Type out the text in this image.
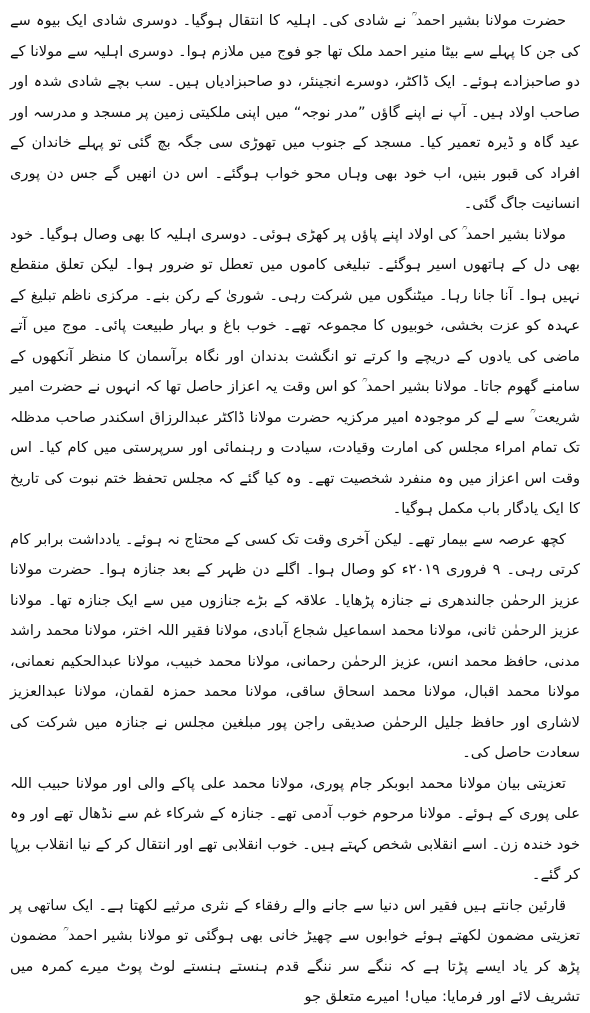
حضرت مولانا بشیر احمد ؒ نے شادی کی۔ اہلیہ کا انتقال ہوگیا۔ دوسری شادی ایک بیوہ سے کی جن کا پہلے سے بیٹا منیر احمد ملک تھا جو فوج میں ملازم ہوا۔ دوسری اہلیہ سے مولانا کے دو صاحبزادے ہوئے۔ ایک ڈاکٹر، دوسرے انجینئر، دو صاحبزادیاں ہیں۔ سب بچے شادی شدہ اور صاحب اولاد ہیں۔ آپ نے اپنے گاؤں ”مدر نوجہ“ میں اپنی ملکیتی زمین پر مسجد و مدرسہ اور عید گاہ و ڈیرہ تعمیر کیا۔ مسجد کے جنوب میں تھوڑی سی جگہ بچ گئی تو پہلے خاندان کے افراد کی قبور بنیں، اب خود بھی وہاں محو خواب ہوگئے۔ اس دن انھیں گے جس دن پوری انسانیت جاگ گئی۔

مولانا بشیر احمد ؒ کی اولاد اپنے پاؤں پر کھڑی ہوئی۔ دوسری اہلیہ کا بھی وصال ہوگیا۔ خود بھی دل کے ہاتھوں اسیر ہوگئے۔ تبلیغی کاموں میں تعطل تو ضرور ہوا۔ لیکن تعلق منقطع نہیں ہوا۔ آنا جانا رہا۔ میٹنگوں میں شرکت رہی۔ شوریٰ کے رکن بنے۔ مرکزی ناظم تبلیغ کے عہدہ کو عزت بخشی، خوبیوں کا مجموعہ تھے۔ خوب باغ و بہار طبیعت پائی۔ موج میں آتے ماضی کی یادوں کے دریچے وا کرتے تو انگشت بدندان اور نگاہ برآسمان کا منظر آنکھوں کے سامنے گھوم جاتا۔ مولانا بشیر احمد ؒ کو اس وقت یہ اعزاز حاصل تھا کہ انہوں نے حضرت امیر شریعت ؒ سے لے کر موجودہ امیر مرکزیہ حضرت مولانا ڈاکٹر عبدالرزاق اسکندر صاحب مدظلہ تک تمام امراء مجلس کی امارت وقیادت، سیادت و رہنمائی اور سرپرستی میں کام کیا۔ اس وقت اس اعزاز میں وہ منفرد شخصیت تھے۔ وہ کیا گئے کہ مجلس تحفظ ختم نبوت کی تاریخ کا ایک یادگار باب مکمل ہوگیا۔

کچھ عرصہ سے بیمار تھے۔ لیکن آخری وقت تک کسی کے محتاج نہ ہوئے۔ یادداشت برابر کام کرتی رہی۔ ۹ فروری ۲۰۱۹ء کو وصال ہوا۔ اگلے دن ظہر کے بعد جنازہ ہوا۔ حضرت مولانا عزیز الرحمٰن جالندھری نے جنازہ پڑھایا۔ علاقہ کے بڑے جنازوں میں سے ایک جنازہ تھا۔ مولانا عزیز الرحمٰن ثانی، مولانا محمد اسماعیل شجاع آبادی، مولانا فقیر اللہ اختر، مولانا محمد راشد مدنی، حافظ محمد انس، عزیز الرحمٰن رحمانی، مولانا محمد خبیب، مولانا عبدالحکیم نعمانی، مولانا محمد اقبال، مولانا محمد اسحاق ساقی، مولانا محمد حمزہ لقمان، مولانا عبدالعزیز لاشاری اور حافظ جلیل الرحمٰن صدیقی راجن پور مبلغین مجلس نے جنازہ میں شرکت کی سعادت حاصل کی۔

تعزیتی بیان مولانا محمد ابوبکر جام پوری، مولانا محمد علی پاکے والی اور مولانا حبیب اللہ علی پوری کے ہوئے۔ مولانا مرحوم خوب آدمی تھے۔ جنازہ کے شرکاء غم سے نڈھال تھے اور وہ خود خندہ زن۔ اسے انقلابی شخص کہتے ہیں۔ خوب انقلابی تھے اور انتقال کر کے نیا انقلاب برپا کر گئے۔

قارئین جانتے ہیں فقیر اس دنیا سے جانے والے رفقاء کے نثری مرثیے لکھتا ہے۔ ایک ساتھی پر تعزیتی مضمون لکھتے ہوئے خوابوں سے چھیڑ خانی بھی ہوگئی تو مولانا بشیر احمد ؒ مضمون پڑھ کر یاد ایسے پڑتا ہے کہ ننگے سر ننگے قدم ہنستے ہنستے لوٹ پوٹ میرے کمرہ میں تشریف لائے اور فرمایا: میاں! امیرے متعلق جو
